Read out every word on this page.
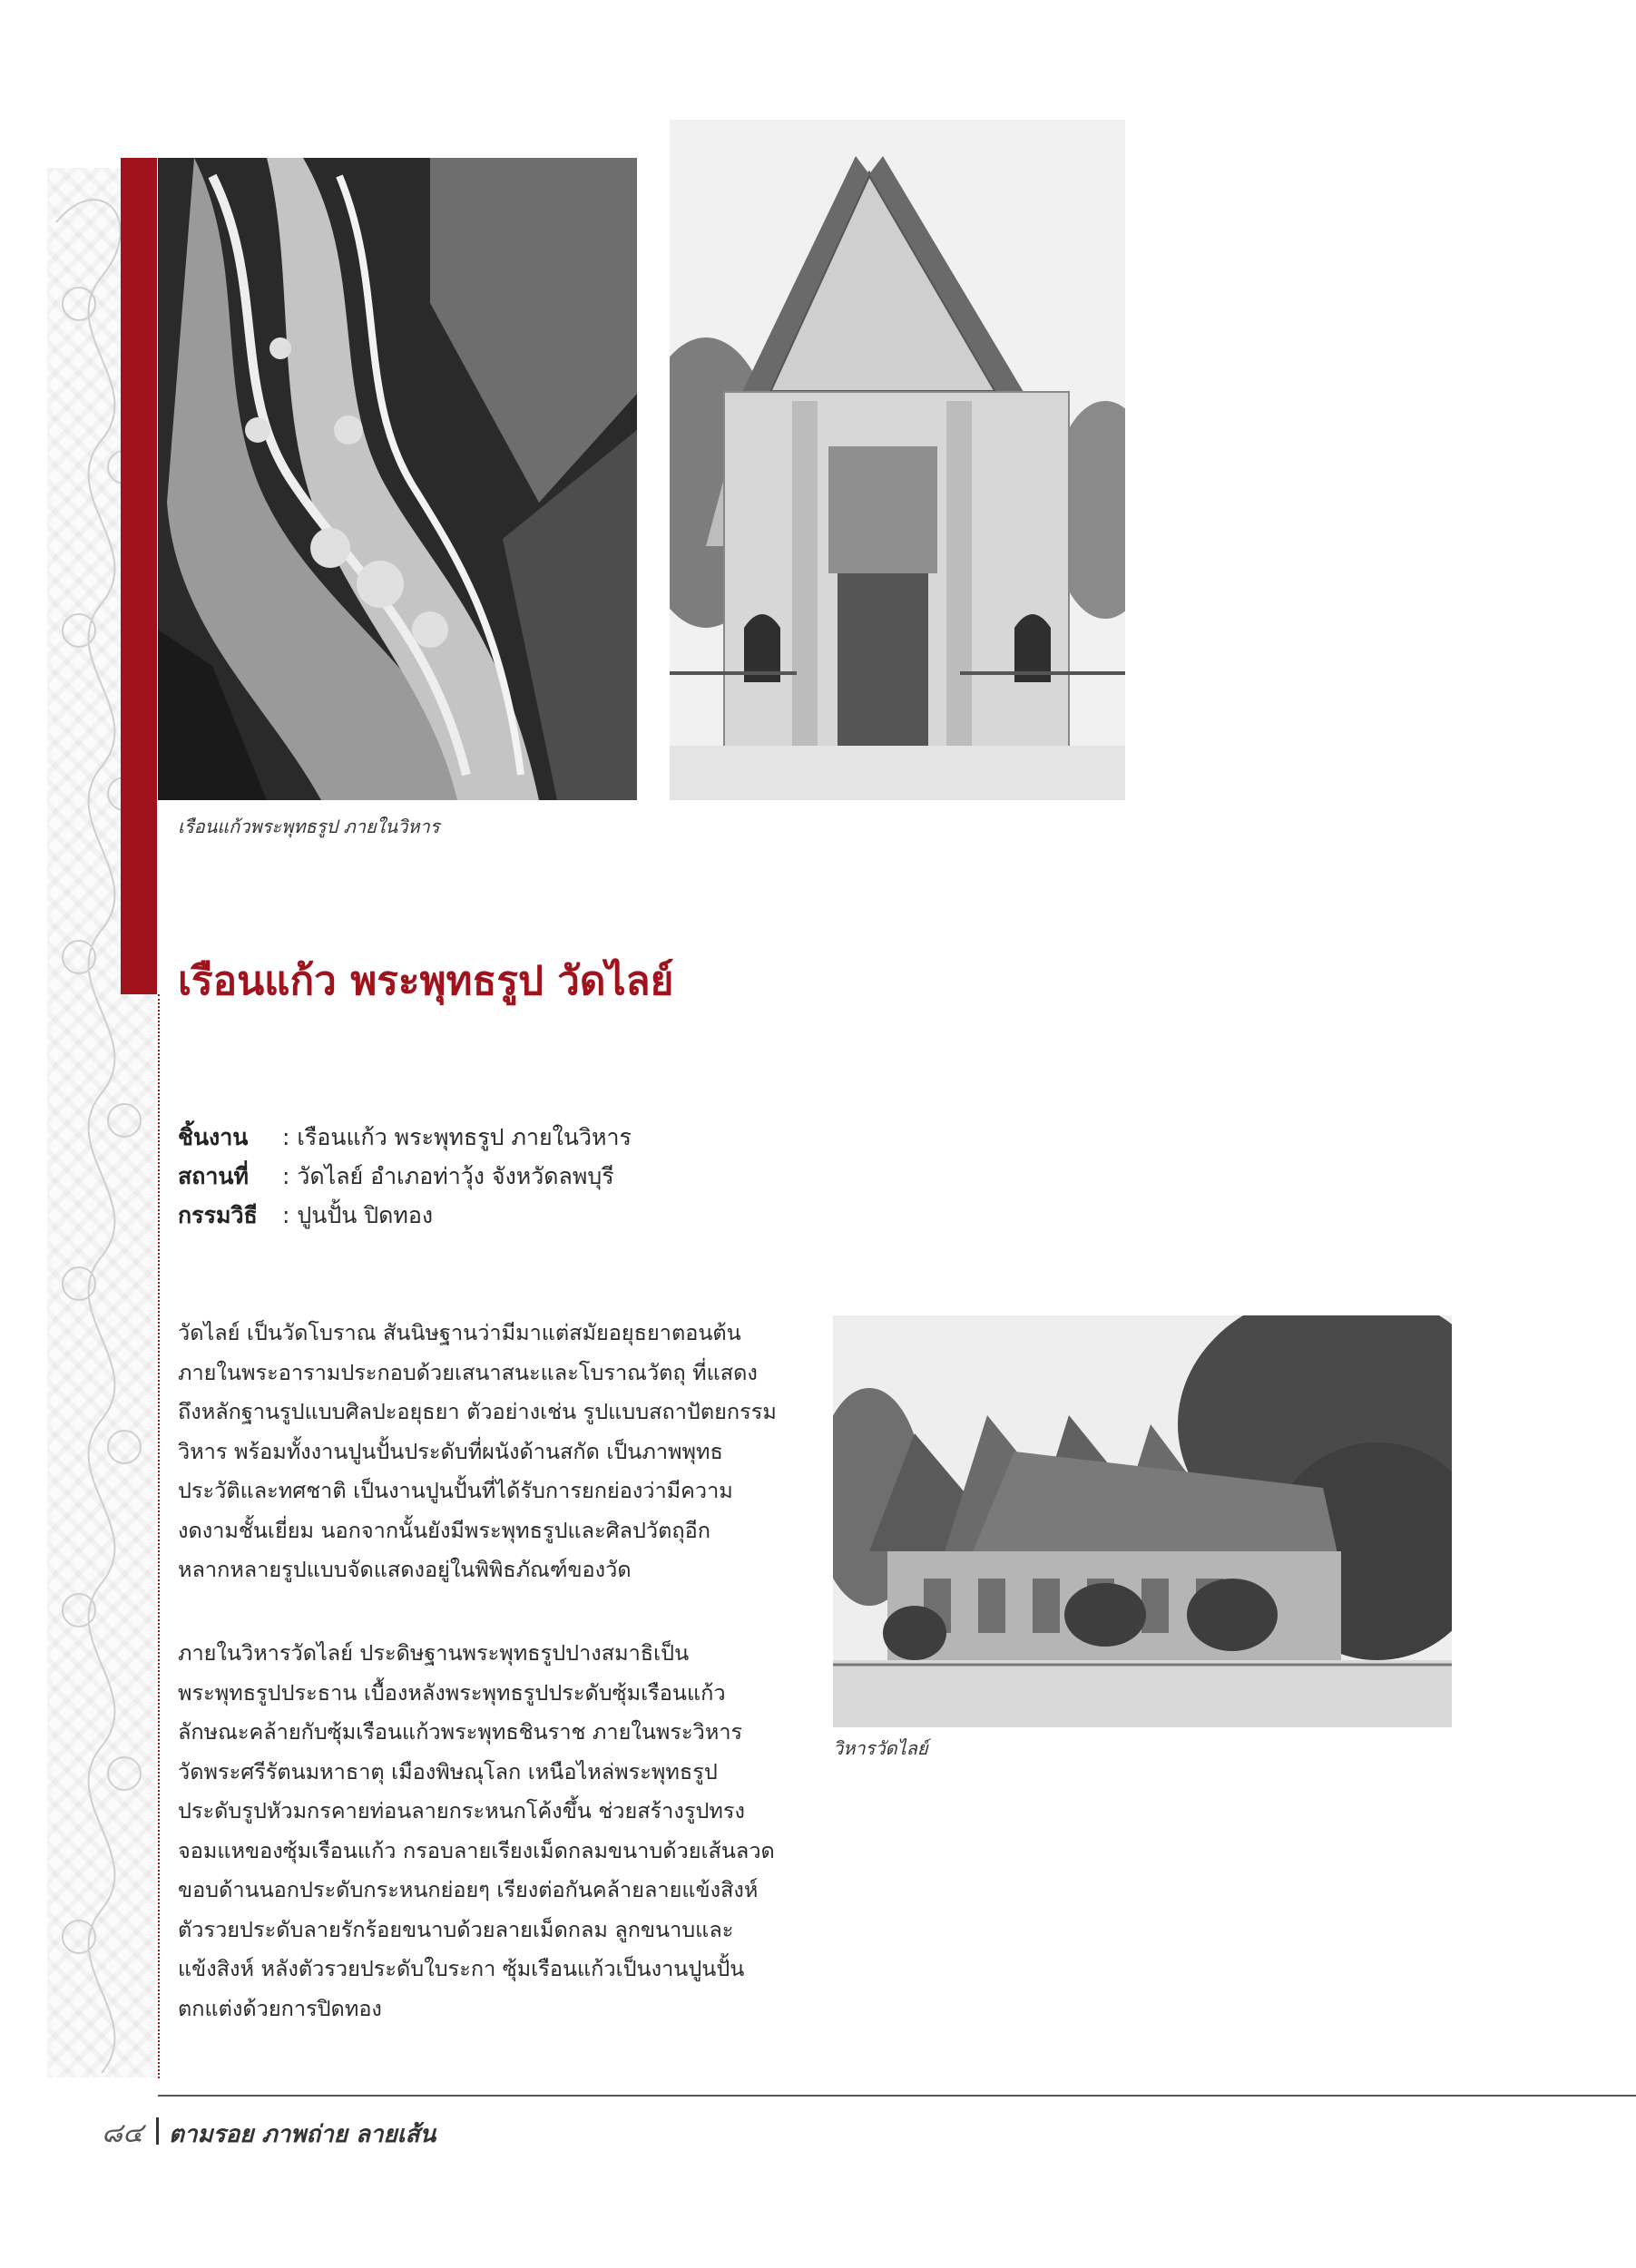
เรือนแก้วพระพุทธรูป ภายในวิหาร
เรือนแก้ว พระพุทธรูป วัดไลย์
ชิ้นงาน : เรือนแก้ว พระพุทธรูป ภายในวิหาร
สถานที่ : วัดไลย์ อำเภอท่าวุ้ง จังหวัดลพบุรี
กรรมวิธี : ปูนปั้น ปิดทอง

วัดไลย์ เป็นวัดโบราณ สันนิษฐานว่ามีมาแต่สมัยอยุธยาตอนต้น
ภายในพระอารามประกอบด้วยเสนาสนะและโบราณวัตถุ ที่แสดง
ถึงหลักฐานรูปแบบศิลปะอยุธยา ตัวอย่างเช่น รูปแบบสถาปัตยกรรม
วิหาร พร้อมทั้งงานปูนปั้นประดับที่ผนังด้านสกัด เป็นภาพพุทธ
ประวัติและทศชาติ เป็นงานปูนปั้นที่ได้รับการยกย่องว่ามีความ
งดงามชั้นเยี่ยม นอกจากนั้นยังมีพระพุทธรูปและศิลปวัตถุอีก
หลากหลายรูปแบบจัดแสดงอยู่ในพิพิธภัณฑ์ของวัด

ภายในวิหารวัดไลย์ ประดิษฐานพระพุทธรูปปางสมาธิเป็น
พระพุทธรูปประธาน เบื้องหลังพระพุทธรูปประดับซุ้มเรือนแก้ว
ลักษณะคล้ายกับซุ้มเรือนแก้วพระพุทธชินราช ภายในพระวิหาร
วัดพระศรีรัตนมหาธาตุ เมืองพิษณุโลก เหนือไหล่พระพุทธรูป
ประดับรูปหัวมกรคายท่อนลายกระหนกโค้งขึ้น ช่วยสร้างรูปทรง
จอมแหของซุ้มเรือนแก้ว กรอบลายเรียงเม็ดกลมขนาบด้วยเส้นลวด
ขอบด้านนอกประดับกระหนกย่อยๆ เรียงต่อกันคล้ายลายแข้งสิงห์
ตัวรวยประดับลายรักร้อยขนาบด้วยลายเม็ดกลม ลูกขนาบและ
แข้งสิงห์ หลังตัวรวยประดับใบระกา ซุ้มเรือนแก้วเป็นงานปูนปั้น
ตกแต่งด้วยการปิดทอง

วิหารวัดไลย์
๘๔ ตามรอย ภาพถ่าย ลายเส้น
